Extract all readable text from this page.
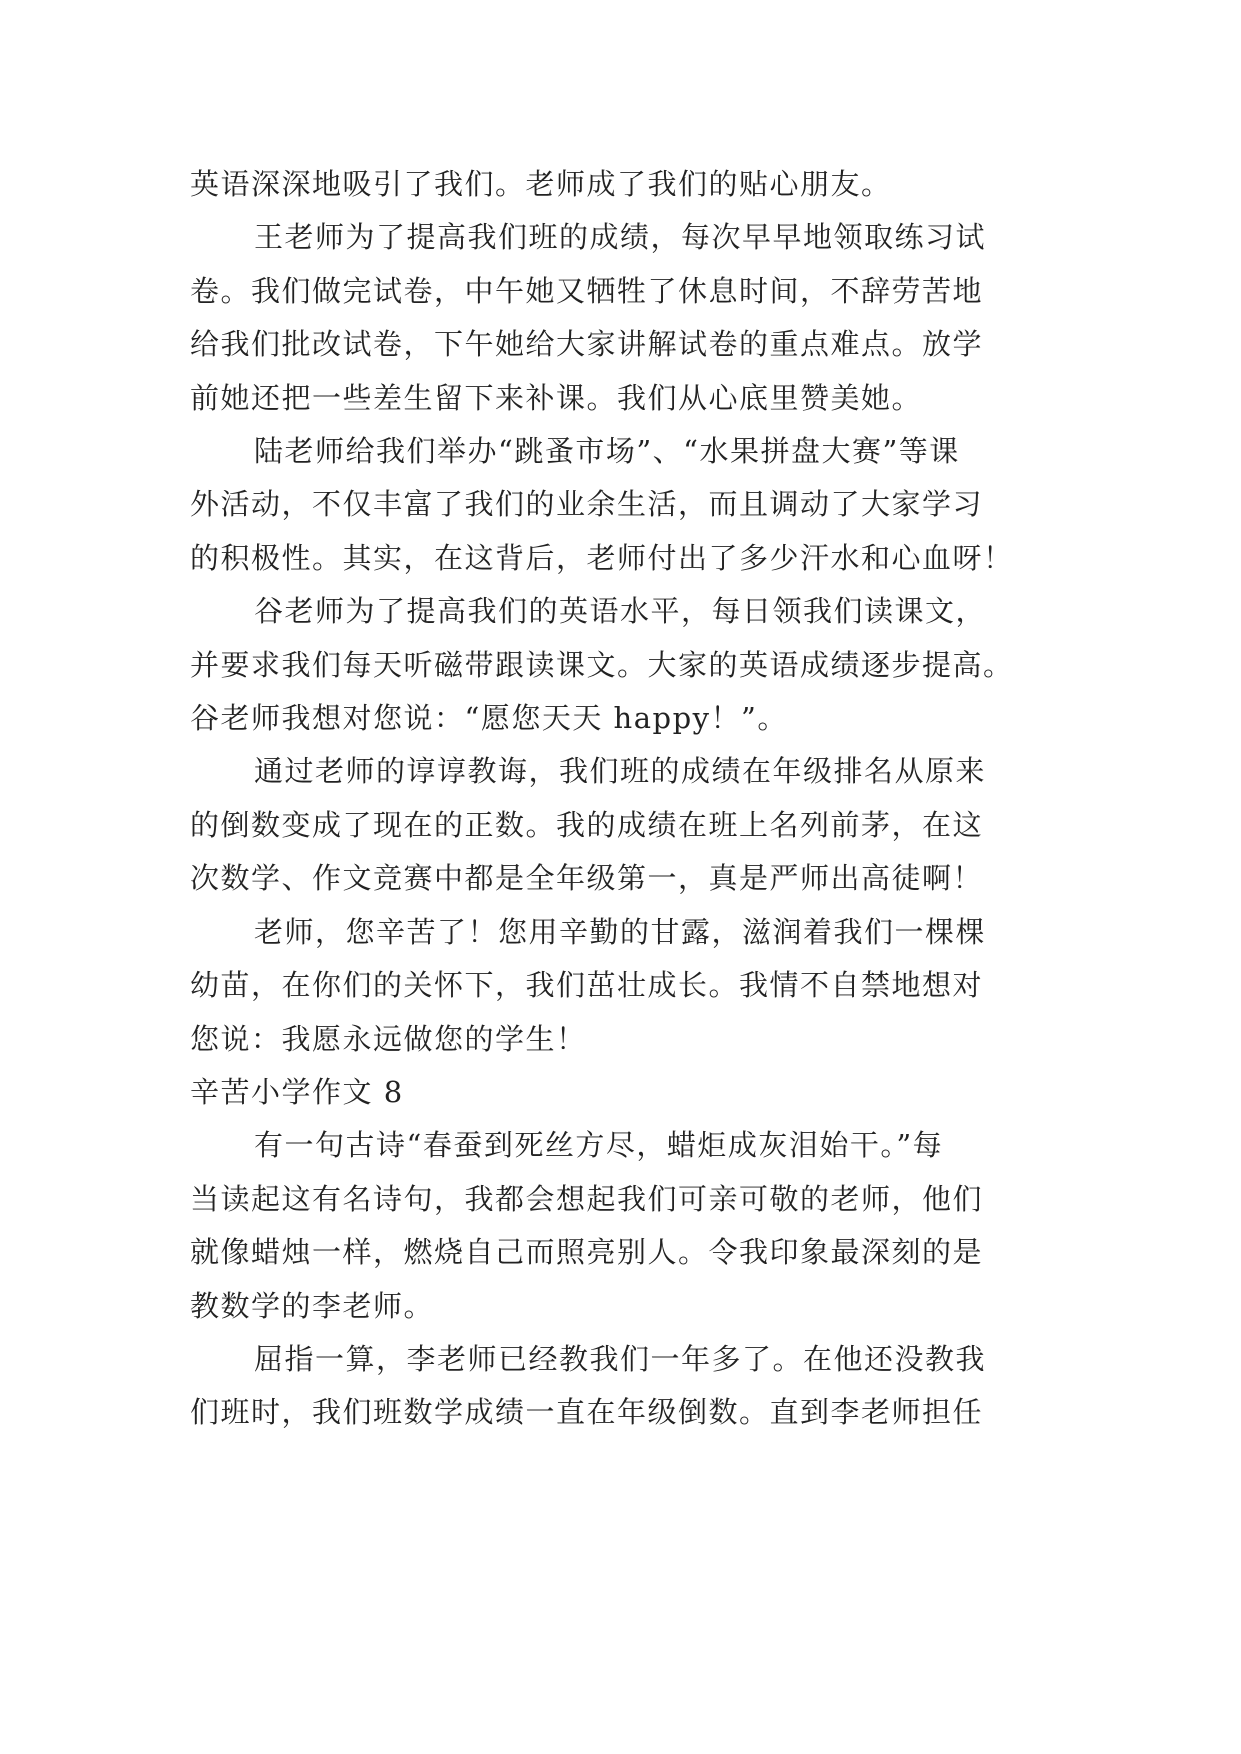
英语深深地吸引了我们。老师成了我们的贴心朋友。

王老师为了提高我们班的成绩，每次早早地领取练习试

卷。我们做完试卷，中午她又牺牲了休息时间，不辞劳苦地

给我们批改试卷，下午她给大家讲解试卷的重点难点。放学

前她还把一些差生留下来补课。我们从心底里赞美她。

陆老师给我们举办“跳蚤市场”、“水果拼盘大赛”等课

外活动，不仅丰富了我们的业余生活，而且调动了大家学习

的积极性。其实，在这背后，老师付出了多少汗水和心血呀！

谷老师为了提高我们的英语水平，每日领我们读课文，

并要求我们每天听磁带跟读课文。大家的英语成绩逐步提高。

谷老师我想对您说：“愿您天天 happy！”。

通过老师的谆谆教诲，我们班的成绩在年级排名从原来

的倒数变成了现在的正数。我的成绩在班上名列前茅，在这

次数学、作文竞赛中都是全年级第一，真是严师出高徒啊！

老师，您辛苦了！您用辛勤的甘露，滋润着我们一棵棵

幼苗，在你们的关怀下，我们茁壮成长。我情不自禁地想对

您说：我愿永远做您的学生！

辛苦小学作文 8

有一句古诗“春蚕到死丝方尽，蜡炬成灰泪始干。”每

当读起这有名诗句，我都会想起我们可亲可敬的老师，他们

就像蜡烛一样，燃烧自己而照亮别人。令我印象最深刻的是

教数学的李老师。

屈指一算，李老师已经教我们一年多了。在他还没教我

们班时，我们班数学成绩一直在年级倒数。直到李老师担任
